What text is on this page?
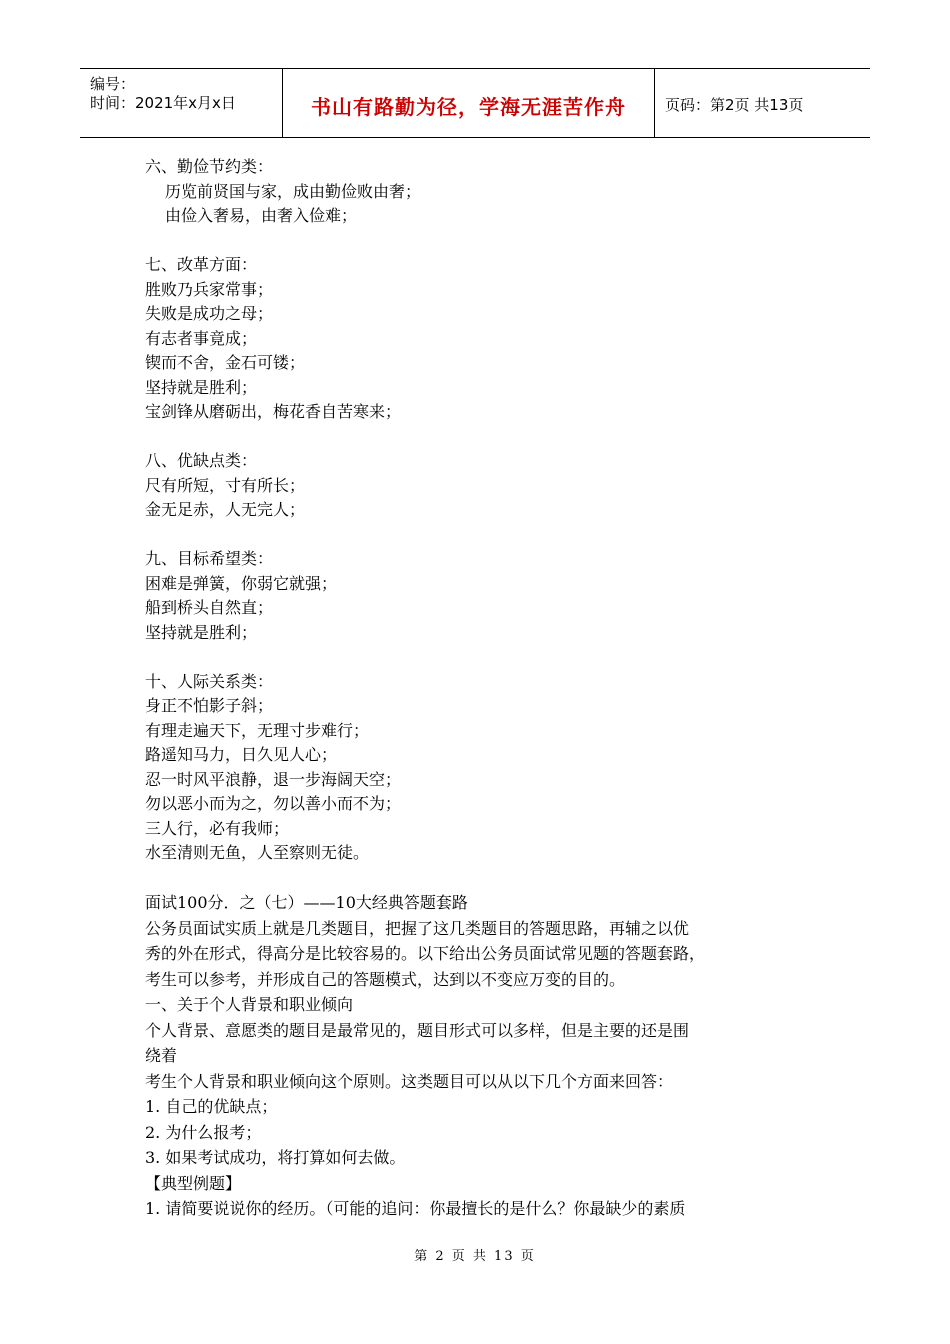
编号：
时间：2021年x月x日	书山有路勤为径，学海无涯苦作舟	页码：第2页 共13页
六、勤俭节约类：
历览前贤国与家，成由勤俭败由奢；
由俭入奢易，由奢入俭难；
七、改革方面：
胜败乃兵家常事；
失败是成功之母；
有志者事竟成；
锲而不舍，金石可镂；
坚持就是胜利；
宝剑锋从磨砺出，梅花香自苦寒来；
八、优缺点类：
尺有所短，寸有所长；
金无足赤，人无完人；
九、目标希望类：
困难是弹簧，你弱它就强；
船到桥头自然直；
坚持就是胜利；
十、人际关系类：
身正不怕影子斜；
有理走遍天下，无理寸步难行；
路遥知马力，日久见人心；
忍一时风平浪静，退一步海阔天空；
勿以恶小而为之，勿以善小而不为；
三人行，必有我师；
水至清则无鱼，人至察则无徒。
面试100分．之（七）——10大经典答题套路
公务员面试实质上就是几类题目，把握了这几类题目的答题思路，再辅之以优
秀的外在形式，得高分是比较容易的。以下给出公务员面试常见题的答题套路，
考生可以参考，并形成自己的答题模式，达到以不变应万变的目的。
一、关于个人背景和职业倾向
个人背景、意愿类的题目是最常见的，题目形式可以多样，但是主要的还是围
绕着
考生个人背景和职业倾向这个原则。这类题目可以从以下几个方面来回答：
1. 自己的优缺点；
2. 为什么报考；
3. 如果考试成功，将打算如何去做。
【典型例题】
1. 请简要说说你的经历。（可能的追问：你最擅长的是什么？你最缺少的素质
第 2 页 共 13 页
